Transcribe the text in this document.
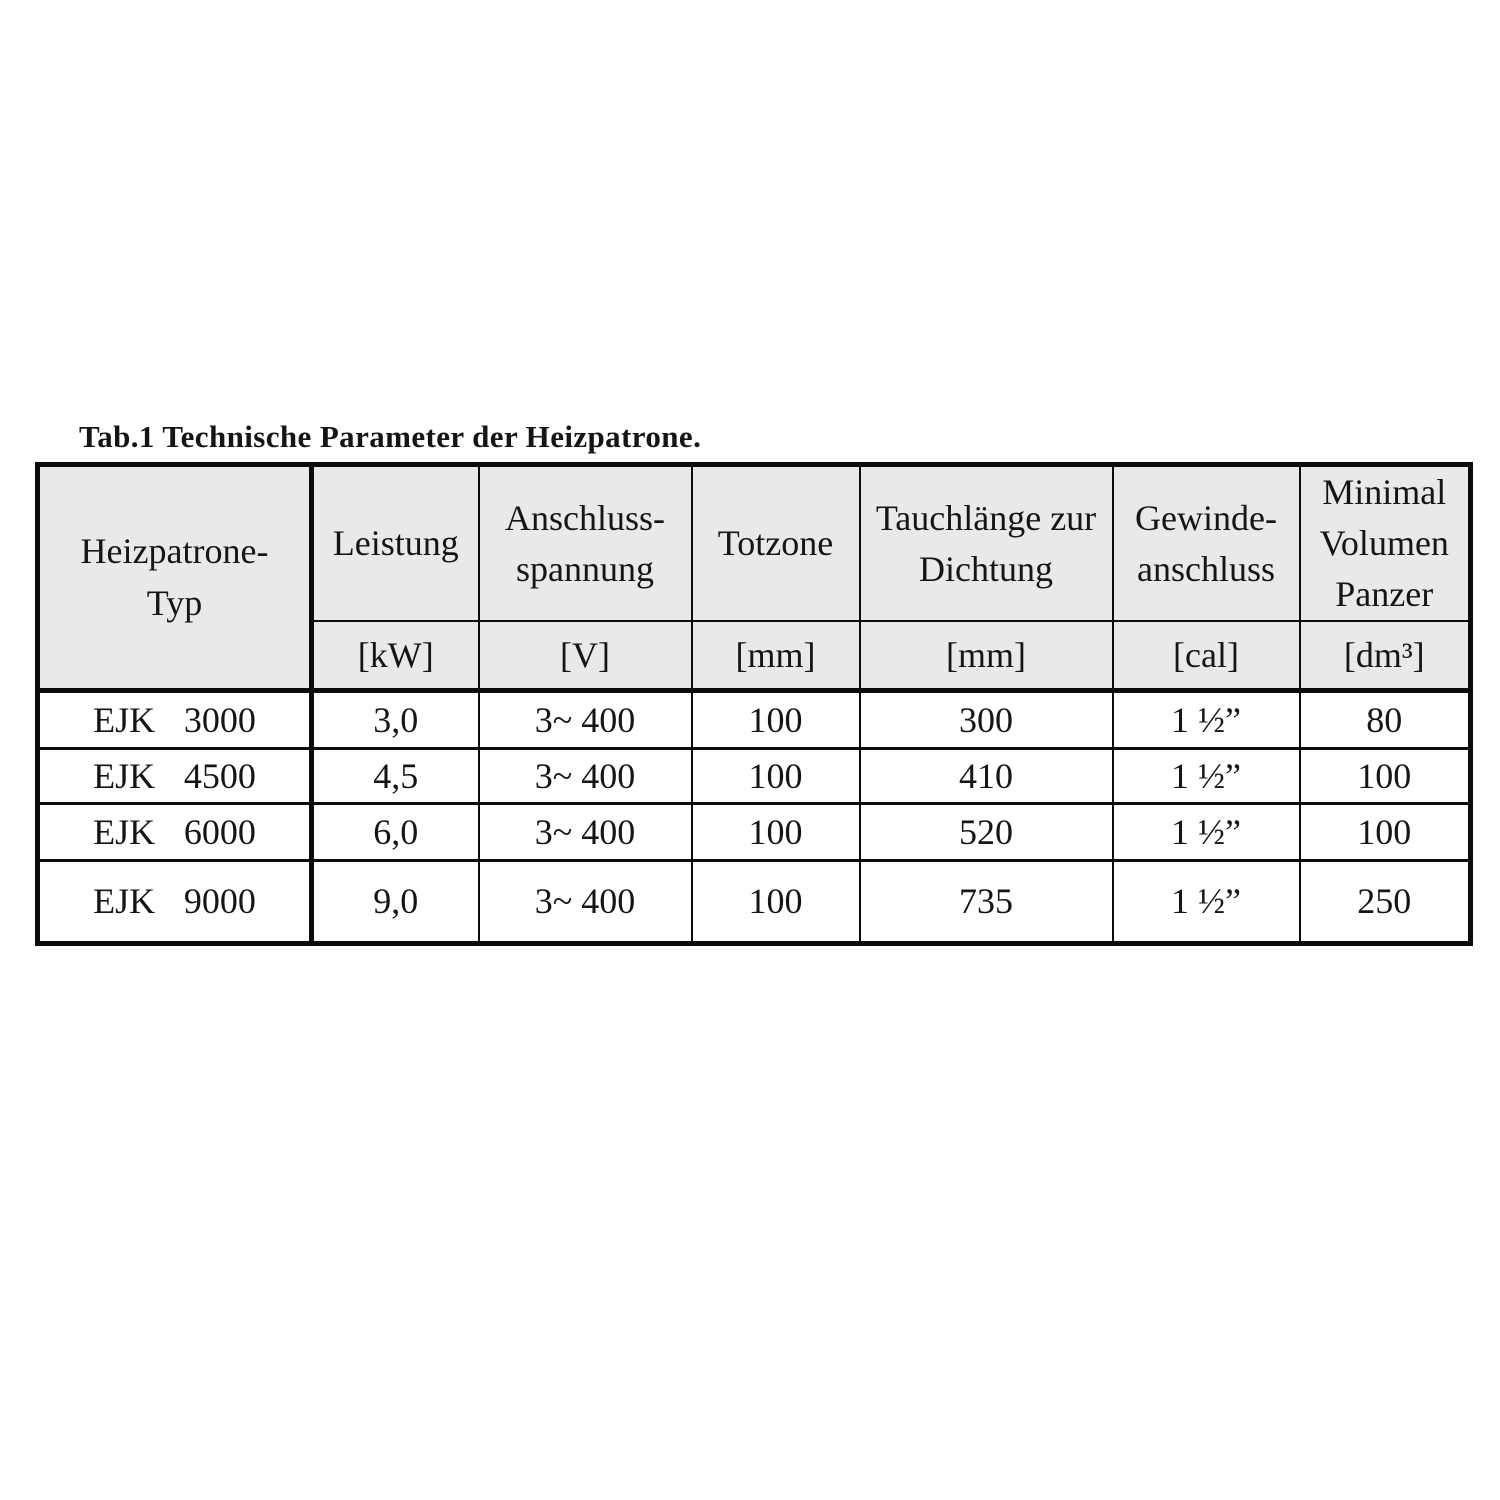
Tab.1 Technische Parameter der Heizpatrone.
Heizpatrone-Typ	Leistung	Anschluss-spannung	Totzone	Tauchlänge zur Dichtung	Gewinde-anschluss	Minimal Volumen Panzer
	[kW]	[V]	[mm]	[mm]	[cal]	[dm³]
EJK 3000	3,0	3~ 400	100	300	1 ½”	80
EJK 4500	4,5	3~ 400	100	410	1 ½”	100
EJK 6000	6,0	3~ 400	100	520	1 ½”	100
EJK 9000	9,0	3~ 400	100	735	1 ½”	250
